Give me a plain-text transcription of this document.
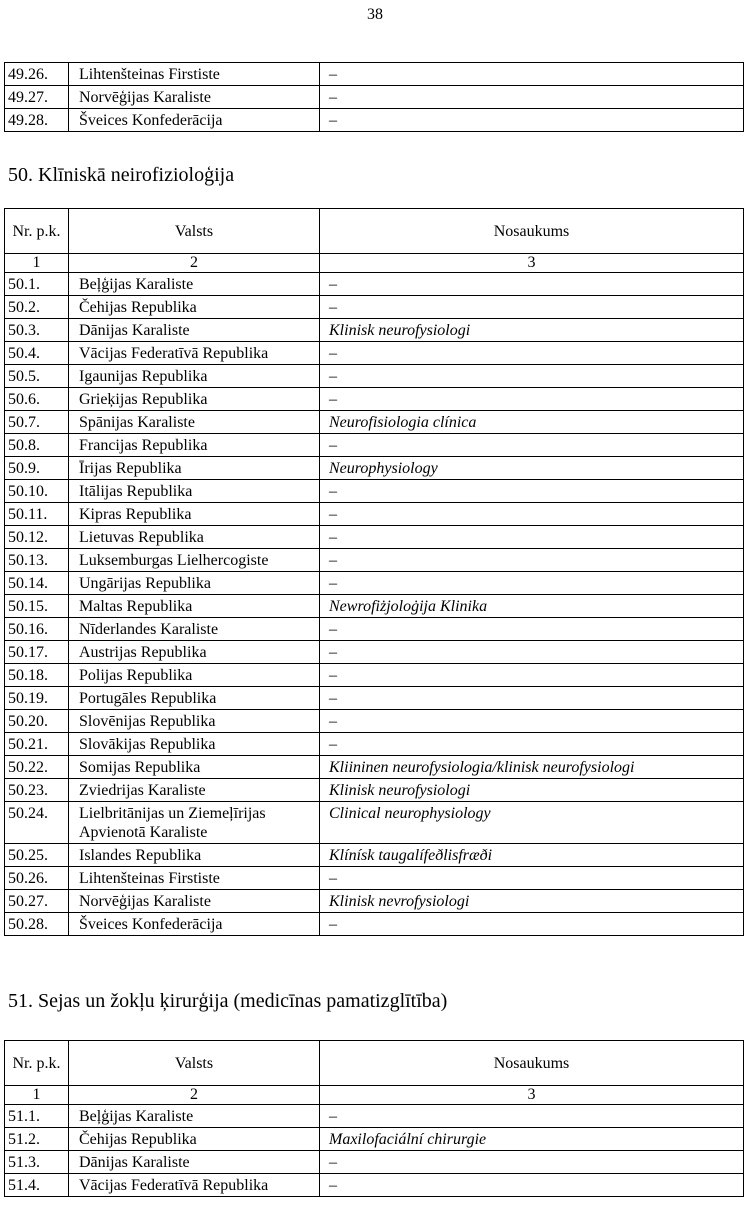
38
49.26.	Lihtenšteinas Firstiste	–
49.27.	Norvēģijas Karaliste	–
49.28.	Šveices Konfederācija	–
50. Klīniskā neirofizioloģija
Nr. p.k.	Valsts	Nosaukums
1	2	3
50.1.	Beļģijas Karaliste	–
50.2.	Čehijas Republika	–
50.3.	Dānijas Karaliste	Klinisk neurofysiologi
50.4.	Vācijas Federatīvā Republika	–
50.5.	Igaunijas Republika	–
50.6.	Grieķijas Republika	–
50.7.	Spānijas Karaliste	Neurofisiologia clínica
50.8.	Francijas Republika	–
50.9.	Īrijas Republika	Neurophysiology
50.10.	Itālijas Republika	–
50.11.	Kipras Republika	–
50.12.	Lietuvas Republika	–
50.13.	Luksemburgas Lielhercogiste	–
50.14.	Ungārijas Republika	–
50.15.	Maltas Republika	Newrofiżjoloġija Klinika
50.16.	Nīderlandes Karaliste	–
50.17.	Austrijas Republika	–
50.18.	Polijas Republika	–
50.19.	Portugāles Republika	–
50.20.	Slovēnijas Republika	–
50.21.	Slovākijas Republika	–
50.22.	Somijas Republika	Kliininen neurofysiologia/klinisk neurofysiologi
50.23.	Zviedrijas Karaliste	Klinisk neurofysiologi
50.24.	Lielbritānijas un Ziemeļīrijas Apvienotā Karaliste	Clinical neurophysiology
50.25.	Islandes Republika	Klínísk taugalífeðlisfræði
50.26.	Lihtenšteinas Firstiste	–
50.27.	Norvēģijas Karaliste	Klinisk nevrofysiologi
50.28.	Šveices Konfederācija	–
51. Sejas un žokļu ķirurģija (medicīnas pamatizglītība)
Nr. p.k.	Valsts	Nosaukums
1	2	3
51.1.	Beļģijas Karaliste	–
51.2.	Čehijas Republika	Maxilofaciální chirurgie
51.3.	Dānijas Karaliste	–
51.4.	Vācijas Federatīvā Republika	–
